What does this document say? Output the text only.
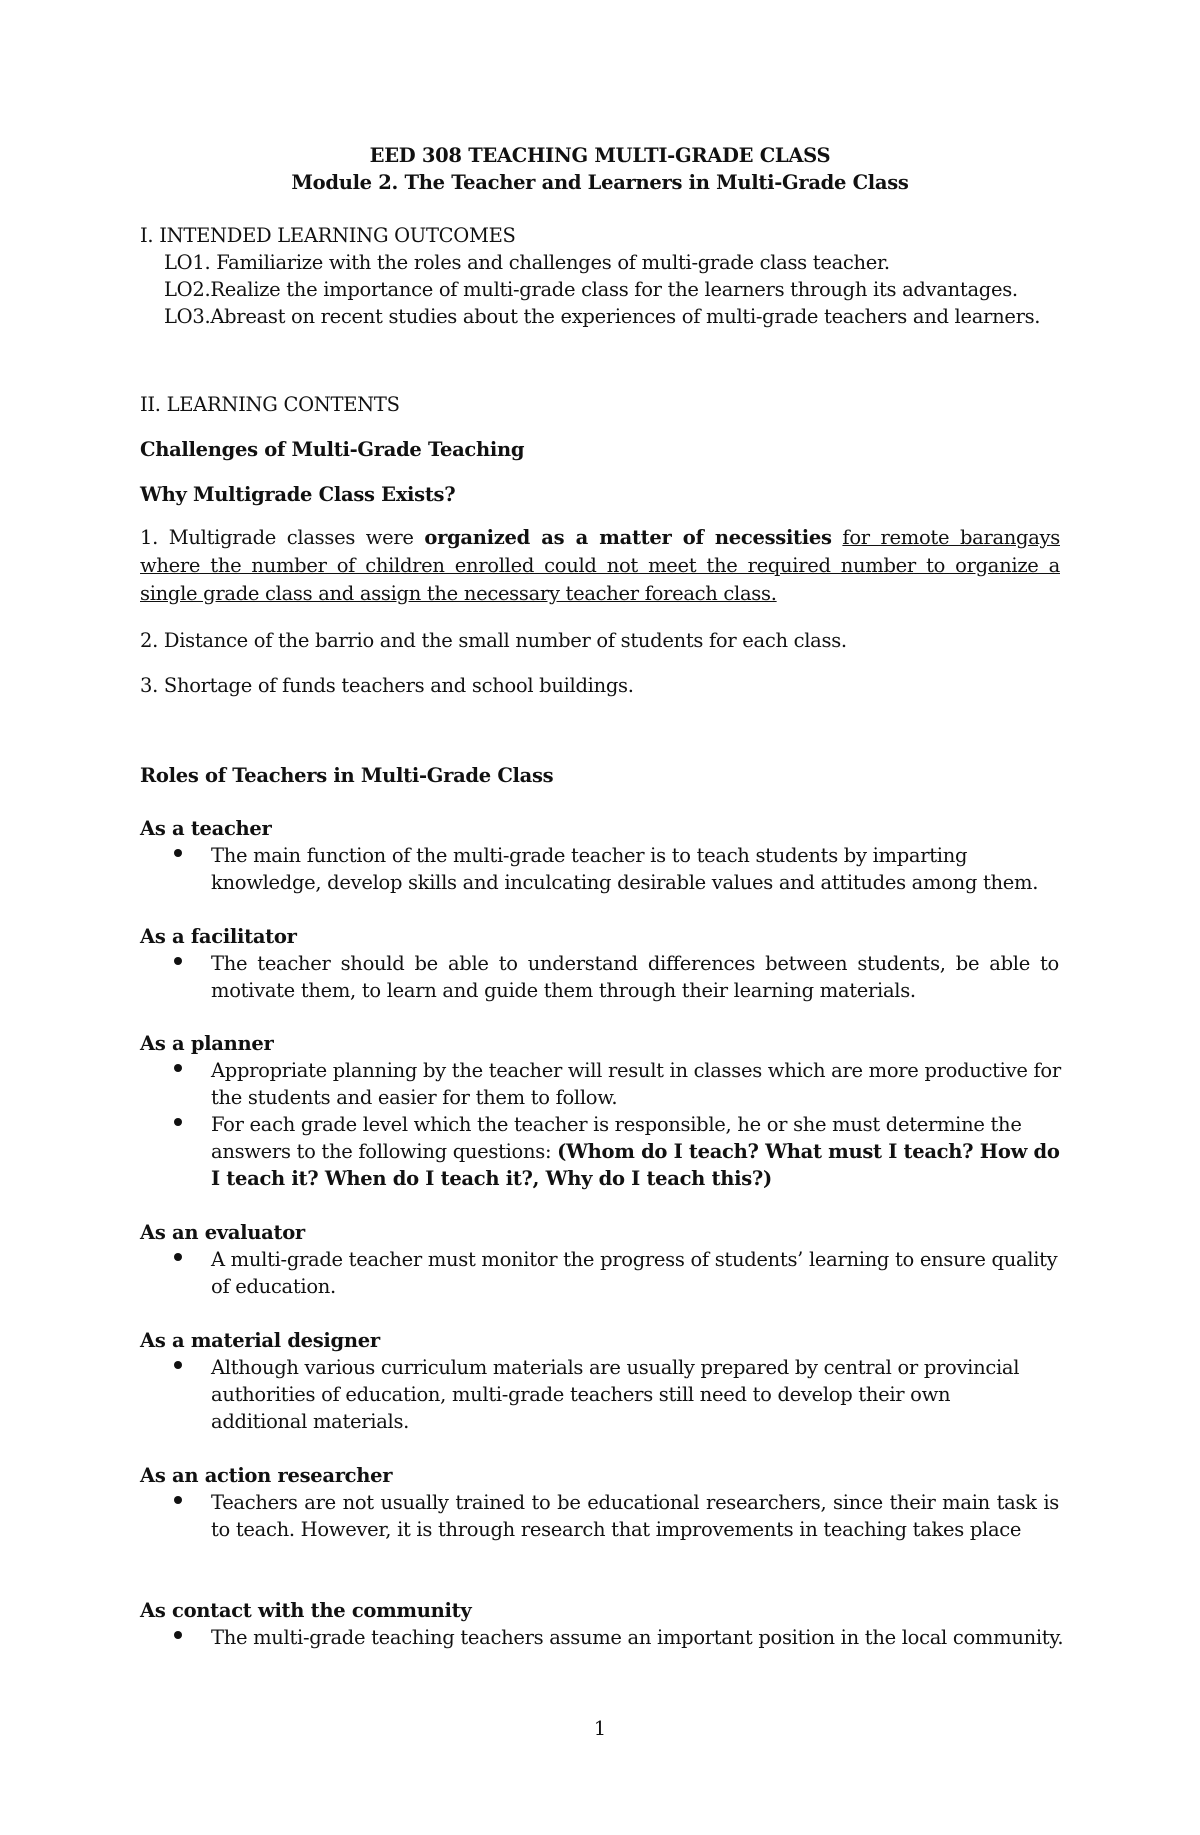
EED 308 TEACHING MULTI-GRADE CLASS
Module 2. The Teacher and Learners in Multi-Grade Class
I. INTENDED LEARNING OUTCOMES
LO1. Familiarize with the roles and challenges of multi-grade class teacher.
LO2.Realize the importance of multi-grade class for the learners through its advantages.
LO3.Abreast on recent studies about the experiences of multi-grade teachers and learners.
II. LEARNING CONTENTS
Challenges of Multi-Grade Teaching
Why Multigrade Class Exists?
1. Multigrade classes were organized as a matter of necessities for remote barangays where the number of children enrolled could not meet the required number to organize a single grade class and assign the necessary teacher foreach class.
2. Distance of the barrio and the small number of students for each class.
3. Shortage of funds teachers and school buildings.
Roles of Teachers in Multi-Grade Class
As a teacher
The main function of the multi-grade teacher is to teach students by imparting knowledge, develop skills and inculcating desirable values and attitudes among them.
As a facilitator
The teacher should be able to understand differences between students, be able to motivate them, to learn and guide them through their learning materials.
As a planner
Appropriate planning by the teacher will result in classes which are more productive for the students and easier for them to follow.
For each grade level which the teacher is responsible, he or she must determine the answers to the following questions: (Whom do I teach? What must I teach? How do I teach it? When do I teach it?, Why do I teach this?)
As an evaluator
A multi-grade teacher must monitor the progress of students’ learning to ensure quality of education.
As a material designer
Although various curriculum materials are usually prepared by central or provincial authorities of education, multi-grade teachers still need to develop their own additional materials.
As an action researcher
Teachers are not usually trained to be educational researchers, since their main task is to teach. However, it is through research that improvements in teaching takes place
As contact with the community
The multi-grade teaching teachers assume an important position in the local community.
1
